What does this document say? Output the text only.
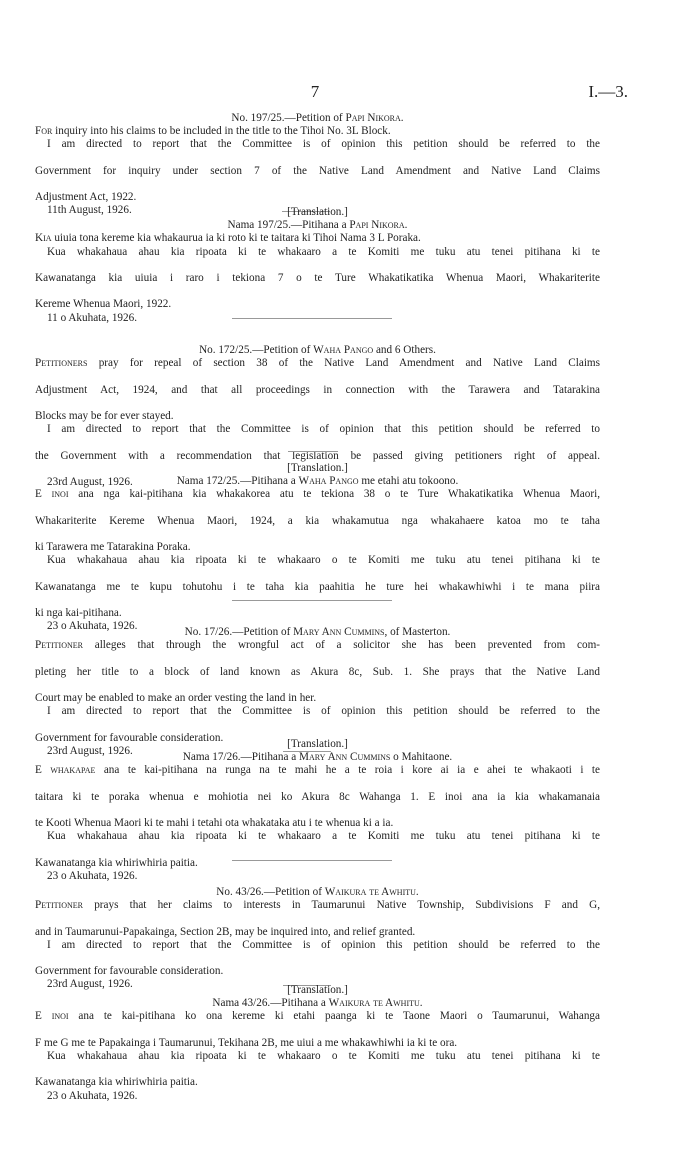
7	I.—3.
No. 197/25.—Petition of Papi Nikora.
For inquiry into his claims to be included in the title to the Tihoi No. 3L Block.
I am directed to report that the Committee is of opinion this petition should be referred to the
Government for inquiry under section 7 of the Native Land Amendment and Native Land Claims
Adjustment Act, 1922.
11th August, 1926.	[Translation.]
Nama 197/25.—Pitihana a Papi Nikora.
Kia uiuia tona kereme kia whakaurua ia ki roto ki te taitara ki Tihoi Nama 3 L Poraka.
Kua whakahaua ahau kia ripoata ki te whakaaro a te Komiti me tuku atu tenei pitihana ki te
Kawanatanga kia uiuia i raro i tekiona 7 o te Ture Whakatikatika Whenua Maori, Whakariterite
Kereme Whenua Maori, 1922.
11 o Akuhata, 1926.
No. 172/25.—Petition of Waha Pango and 6 Others.
Petitioners pray for repeal of section 38 of the Native Land Amendment and Native Land Claims
Adjustment Act, 1924, and that all proceedings in connection with the Tarawera and Tatarakina
Blocks may be for ever stayed.
I am directed to report that the Committee is of opinion that this petition should be referred to
the Government with a recommendation that legislation be passed giving petitioners right of appeal.
23rd August, 1926.
[Translation.]
Nama 172/25.—Pitihana a Waha Pango me etahi atu tokoono.
E inoi ana nga kai-pitihana kia whakakorea atu te tekiona 38 o te Ture Whakatikatika Whenua Maori,
Whakariterite Kereme Whenua Maori, 1924, a kia whakamutua nga whakahaere katoa mo te taha
ki Tarawera me Tatarakina Poraka.
Kua whakahaua ahau kia ripoata ki te whakaaro o te Komiti me tuku atu tenei pitihana ki te
Kawanatanga me te kupu tohutohu i te taha kia paahitia he ture hei whakawhiwhi i te mana piira
ki nga kai-pitihana.
23 o Akuhata, 1926.	No. 17/26.—Petition of Mary Ann Cummins, of Masterton.
Petitioner alleges that through the wrongful act of a solicitor she has been prevented from com-
pleting her title to a block of land known as Akura 8c, Sub. 1. She prays that the Native Land
Court may be enabled to make an order vesting the land in her.
I am directed to report that the Committee is of opinion this petition should be referred to the
Government for favourable consideration.
23rd August, 1926.
[Translation.]
Nama 17/26.—Pitihana a Mary Ann Cummins o Mahitaone.
E whakapae ana te kai-pitihana na runga na te mahi he a te roia i kore ai ia e ahei te whakaoti i te
taitara ki te poraka whenua e mohiotia nei ko Akura 8c Wahanga 1. E inoi ana ia kia whakamanaia
te Kooti Whenua Maori ki te mahi i tetahi ota whakataka atu i te whenua ki a ia.
Kua whakahaua ahau kia ripoata ki te whakaaro a te Komiti me tuku atu tenei pitihana ki te
Kawanatanga kia whiriwhiria paitia.
23 o Akuhata, 1926.
No. 43/26.—Petition of Waikura te Awhitu.
Petitioner prays that her claims to interests in Taumarunui Native Township, Subdivisions F and G,
and in Taumarunui-Papakainga, Section 2B, may be inquired into, and relief granted.
I am directed to report that the Committee is of opinion this petition should be referred to the
Government for favourable consideration.
23rd August, 1926.	[Translation.]
Nama 43/26.—Pitihana a Waikura te Awhitu.
E inoi ana te kai-pitihana ko ona kereme ki etahi paanga ki te Taone Maori o Taumarunui, Wahanga
F me G me te Papakainga i Taumarunui, Tekihana 2B, me uiui a me whakawhiwhi ia ki te ora.
Kua whakahaua ahau kia ripoata ki te whakaaro o te Komiti me tuku atu tenei pitihana ki te
Kawanatanga kia whiriwhiria paitia.
23 o Akuhata, 1926.
